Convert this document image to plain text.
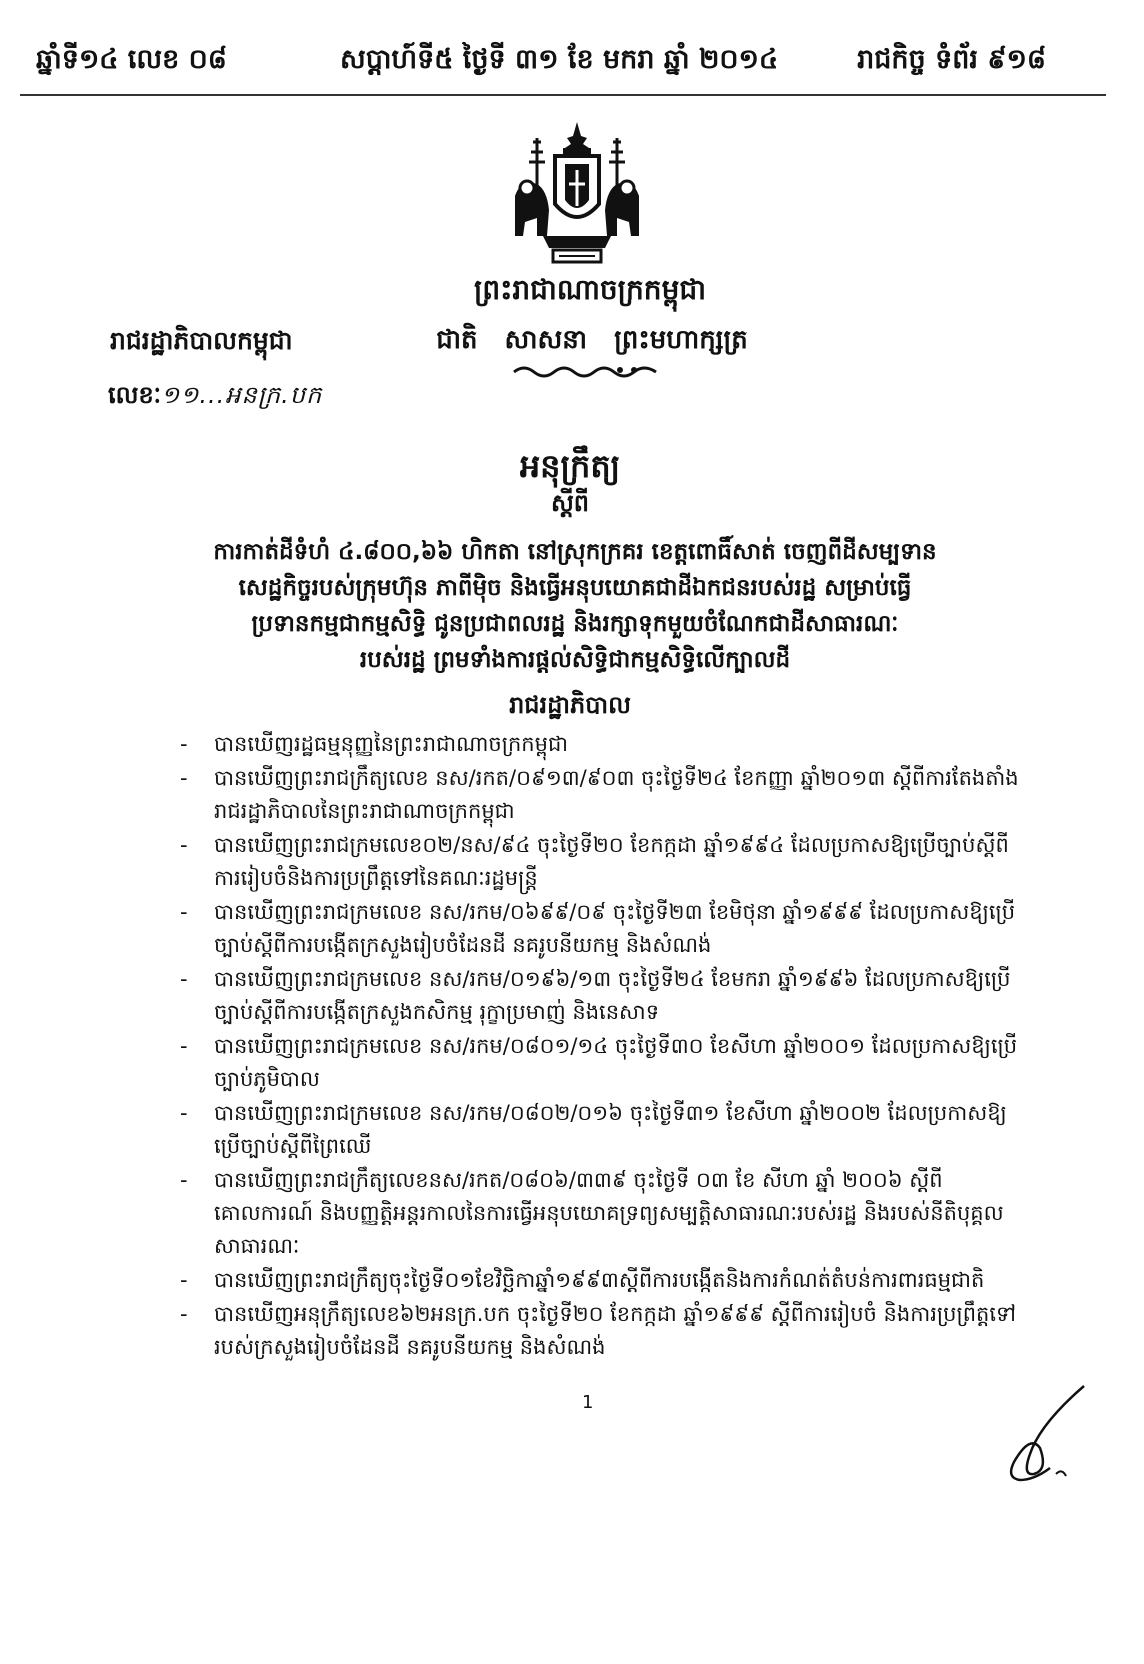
ឆ្នាំទី១៤ លេខ ០៨	សប្ដាហ៍ទី៥ ថ្ងៃទី ៣១ ខែ មករា ឆ្នាំ ២០១៤	រាជកិច្ច ទំព័រ ៩១៨
ព្រះរាជាណាចក្រកម្ពុជា
ជាតិ សាសនា ព្រះមហាក្សត្រ
រាជរដ្ឋាភិបាលកម្ពុជា
លេខៈ១១...អនក្រ.បក
អនុក្រឹត្យ
ស្ដីពី
ការកាត់ដីទំហំ ៤.៨០០,៦៦ ហិកតា នៅស្រុកក្រគរ ខេត្តពោធិ៍សាត់ ចេញពីដីសម្បទាន
សេដ្ឋកិច្ចរបស់ក្រុមហ៊ុន ភាពីម៉ិច និងធ្វើអនុបយោគជាដីឯកជនរបស់រដ្ឋ សម្រាប់ធ្វើ
ប្រទានកម្មជាកម្មសិទ្ធិ ជូនប្រជាពលរដ្ឋ និងរក្សាទុកមួយចំណែកជាដីសាធារណៈ
របស់រដ្ឋ ព្រមទាំងការផ្ដល់សិទ្ធិជាកម្មសិទ្ធិលើក្បាលដី
រាជរដ្ឋាភិបាល
-	បានឃើញរដ្ឋធម្មនុញ្ញនៃព្រះរាជាណាចក្រកម្ពុជា
-	បានឃើញព្រះរាជក្រឹត្យលេខ នស/រកត/០៩១៣/៩០៣ ចុះថ្ងៃទី២៤ ខែកញ្ញា ឆ្នាំ២០១៣ ស្ដីពីការតែងតាំងរាជរដ្ឋាភិបាលនៃព្រះរាជាណាចក្រកម្ពុជា
-	បានឃើញព្រះរាជក្រមលេខ០២/នស/៩៤ ចុះថ្ងៃទី២០ ខែកក្កដា ឆ្នាំ១៩៩៤ ដែលប្រកាសឱ្យប្រើច្បាប់ស្ដីពីការរៀបចំនិងការប្រព្រឹត្តទៅនៃគណៈរដ្ឋមន្ត្រី
-	បានឃើញព្រះរាជក្រមលេខ នស/រកម/០៦៩៩/០៩ ចុះថ្ងៃទី២៣ ខែមិថុនា ឆ្នាំ១៩៩៩ ដែលប្រកាសឱ្យប្រើច្បាប់ស្ដីពីការបង្កើតក្រសួងរៀបចំដែនដី នគរូបនីយកម្ម និងសំណង់
-	បានឃើញព្រះរាជក្រមលេខ នស/រកម/០១៩៦/១៣ ចុះថ្ងៃទី២៤ ខែមករា ឆ្នាំ១៩៩៦ ដែលប្រកាសឱ្យប្រើច្បាប់ស្ដីពីការបង្កើតក្រសួងកសិកម្ម រុក្ខាប្រមាញ់ និងនេសាទ
-	បានឃើញព្រះរាជក្រមលេខ នស/រកម/០៨០១/១៤ ចុះថ្ងៃទី៣០ ខែសីហា ឆ្នាំ២០០១ ដែលប្រកាសឱ្យប្រើច្បាប់ភូមិបាល
-	បានឃើញព្រះរាជក្រមលេខ នស/រកម/០៨០២/០១៦ ចុះថ្ងៃទី៣១ ខែសីហា ឆ្នាំ២០០២ ដែលប្រកាសឱ្យប្រើច្បាប់ស្ដីពីព្រៃឈើ
-	បានឃើញព្រះរាជក្រឹត្យលេខនស/រកត/០៨០៦/៣៣៩ ចុះថ្ងៃទី ០៣ ខែ សីហា ឆ្នាំ ២០០៦ ស្ដីពីគោលការណ៍ និងបញ្ញត្តិអន្តរកាលនៃការធ្វើអនុបយោគទ្រព្យសម្បត្តិសាធារណៈរបស់រដ្ឋ និងរបស់នីតិបុគ្គលសាធារណៈ
-	បានឃើញព្រះរាជក្រឹត្យចុះថ្ងៃទី០១ខែវិច្ឆិកាឆ្នាំ១៩៩៣ស្ដីពីការបង្កើតនិងការកំណត់តំបន់ការពារធម្មជាតិ
-	បានឃើញអនុក្រឹត្យលេខ៦២អនក្រ.បក ចុះថ្ងៃទី២០ ខែកក្កដា ឆ្នាំ១៩៩៩ ស្ដីពីការរៀបចំ និងការប្រព្រឹត្តទៅរបស់ក្រសួងរៀបចំដែនដី នគរូបនីយកម្ម និងសំណង់
1
